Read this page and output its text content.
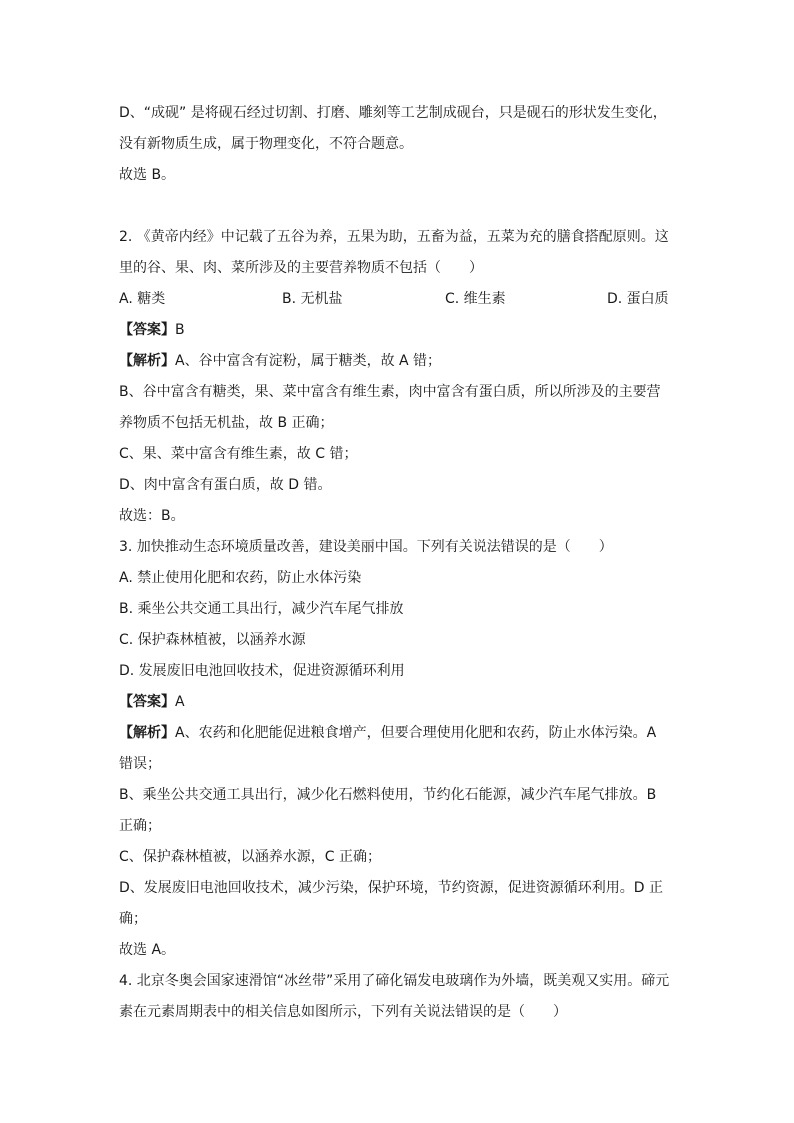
D、“成砚” 是将砚石经过切割、打磨、雕刻等工艺制成砚台，只是砚石的形状发生变化，
没有新物质生成，属于物理变化，不符合题意。
故选 B。
2. 《黄帝内经》中记载了五谷为养，五果为助，五畜为益，五菜为充的膳食搭配原则。这
里的谷、果、肉、菜所涉及的主要营养物质不包括（　　）
A. 糖类	B. 无机盐	C. 维生素	D. 蛋白质
【答案】B
【解析】A、谷中富含有淀粉，属于糖类，故 A 错；
B、谷中富含有糖类，果、菜中富含有维生素，肉中富含有蛋白质，所以所涉及的主要营
养物质不包括无机盐，故 B 正确；
C、果、菜中富含有维生素，故 C 错；
D、肉中富含有蛋白质，故 D 错。
故选：B。
3. 加快推动生态环境质量改善，建设美丽中国。下列有关说法错误的是（　　）
A. 禁止使用化肥和农药，防止水体污染
B. 乘坐公共交通工具出行，减少汽车尾气排放
C. 保护森林植被，以涵养水源
D. 发展废旧电池回收技术，促进资源循环利用
【答案】A
【解析】A、农药和化肥能促进粮食增产，但要合理使用化肥和农药，防止水体污染。A
错误；
B、乘坐公共交通工具出行，减少化石燃料使用，节约化石能源，减少汽车尾气排放。B
正确；
C、保护森林植被，以涵养水源，C 正确；
D、发展废旧电池回收技术，减少污染，保护环境，节约资源，促进资源循环利用。D 正
确；
故选 A。
4. 北京冬奥会国家速滑馆“冰丝带”采用了碲化镉发电玻璃作为外墙，既美观又实用。碲元
素在元素周期表中的相关信息如图所示，下列有关说法错误的是（　　）
